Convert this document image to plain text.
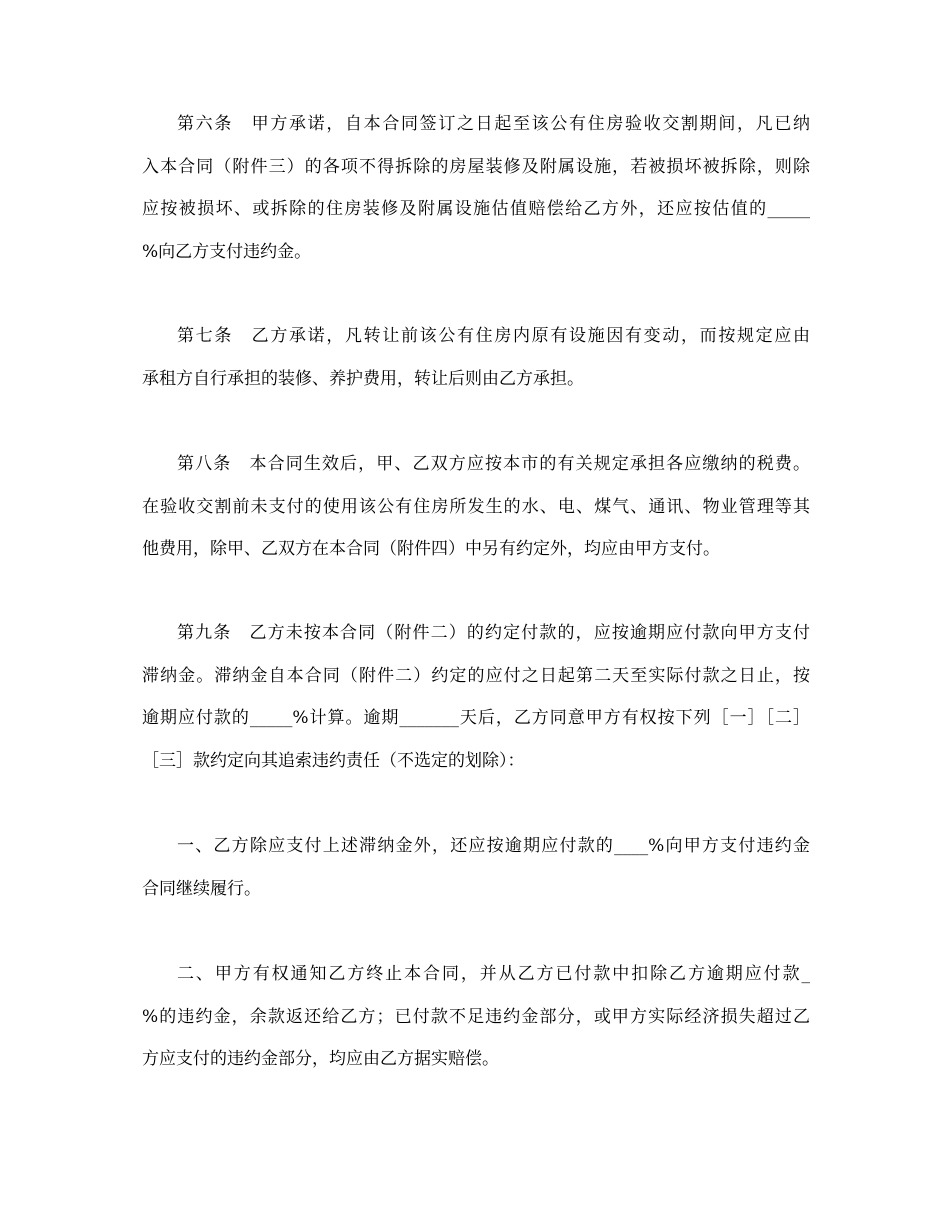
第六条　甲方承诺，自本合同签订之日起至该公有住房验收交割期间，凡已纳
入本合同（附件三）的各项不得拆除的房屋装修及附属设施，若被损坏被拆除，则除
应按被损坏、或拆除的住房装修及附属设施估值赔偿给乙方外，还应按估值的_____
%向乙方支付违约金。
第七条　乙方承诺，凡转让前该公有住房内原有设施因有变动，而按规定应由
承租方自行承担的装修、养护费用，转让后则由乙方承担。
第八条　本合同生效后，甲、乙双方应按本市的有关规定承担各应缴纳的税费。
在验收交割前未支付的使用该公有住房所发生的水、电、煤气、通讯、物业管理等其
他费用，除甲、乙双方在本合同（附件四）中另有约定外，均应由甲方支付。
第九条　乙方未按本合同（附件二）的约定付款的，应按逾期应付款向甲方支付
滞纳金。滞纳金自本合同（附件二）约定的应付之日起第二天至实际付款之日止，按
逾期应付款的_____%计算。逾期_______天后，乙方同意甲方有权按下列［一］［二］
［三］款约定向其追索违约责任（不选定的划除）：
一、乙方除应支付上述滞纳金外，还应按逾期应付款的____%向甲方支付违约金
合同继续履行。
二、甲方有权通知乙方终止本合同，并从乙方已付款中扣除乙方逾期应付款_
%的违约金，余款返还给乙方；已付款不足违约金部分，或甲方实际经济损失超过乙
方应支付的违约金部分，均应由乙方据实赔偿。
